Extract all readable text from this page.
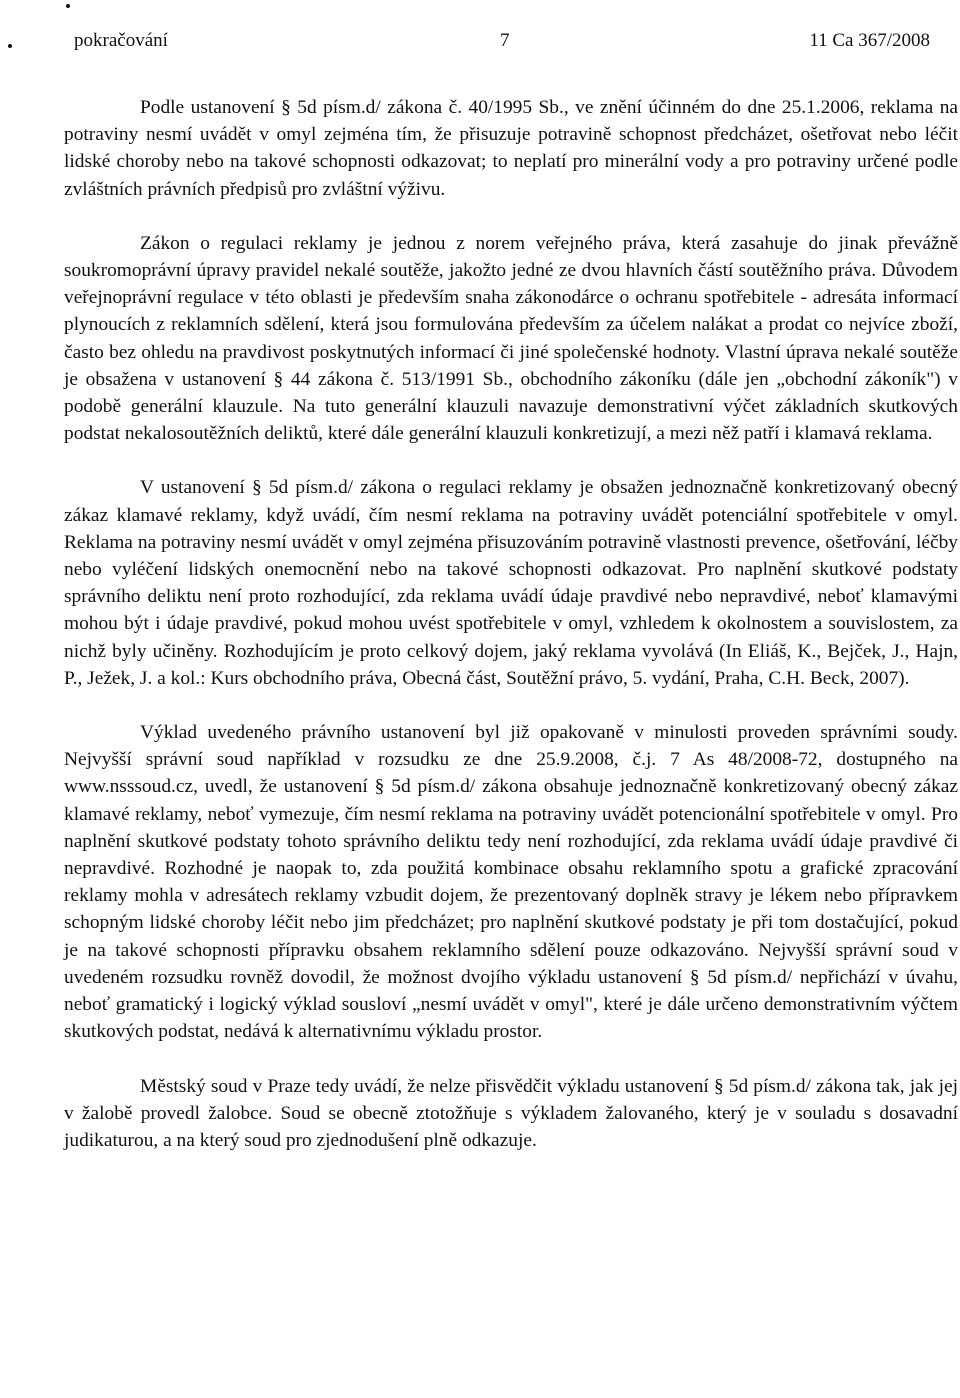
pokračování	7	11 Ca 367/2008

Podle ustanovení § 5d písm.d/ zákona č. 40/1995 Sb., ve znění účinném do dne 25.1.2006, reklama na potraviny nesmí uvádět v omyl zejména tím, že přisuzuje potravině schopnost předcházet, ošetřovat nebo léčit lidské choroby nebo na takové schopnosti odkazovat; to neplatí pro minerální vody a pro potraviny určené podle zvláštních právních předpisů pro zvláštní výživu.

Zákon o regulaci reklamy je jednou z norem veřejného práva, která zasahuje do jinak převážně soukromoprávní úpravy pravidel nekalé soutěže, jakožto jedné ze dvou hlavních částí soutěžního práva. Důvodem veřejnoprávní regulace v této oblasti je především snaha zákonodárce o ochranu spotřebitele - adresáta informací plynoucích z reklamních sdělení, která jsou formulována především za účelem nalákat a prodat co nejvíce zboží, často bez ohledu na pravdivost poskytnutých informací či jiné společenské hodnoty. Vlastní úprava nekalé soutěže je obsažena v ustanovení § 44 zákona č. 513/1991 Sb., obchodního zákoníku (dále jen „obchodní zákoník") v podobě generální klauzule. Na tuto generální klauzuli navazuje demonstrativní výčet základních skutkových podstat nekalosoutěžních deliktů, které dále generální klauzuli konkretizují, a mezi něž patří i klamavá reklama.

V ustanovení § 5d písm.d/ zákona o regulaci reklamy je obsažen jednoznačně konkretizovaný obecný zákaz klamavé reklamy, když uvádí, čím nesmí reklama na potraviny uvádět potenciální spotřebitele v omyl. Reklama na potraviny nesmí uvádět v omyl zejména přisuzováním potravině vlastnosti prevence, ošetřování, léčby nebo vyléčení lidských onemocnění nebo na takové schopnosti odkazovat. Pro naplnění skutkové podstaty správního deliktu není proto rozhodující, zda reklama uvádí údaje pravdivé nebo nepravdivé, neboť klamavými mohou být i údaje pravdivé, pokud mohou uvést spotřebitele v omyl, vzhledem k okolnostem a souvislostem, za nichž byly učiněny. Rozhodujícím je proto celkový dojem, jaký reklama vyvolává (In Eliáš, K., Bejček, J., Hajn, P., Ježek, J. a kol.: Kurs obchodního práva, Obecná část, Soutěžní právo, 5. vydání, Praha, C.H. Beck, 2007).

Výklad uvedeného právního ustanovení byl již opakovaně v minulosti proveden správními soudy. Nejvyšší správní soud například v rozsudku ze dne 25.9.2008, č.j. 7 As 48/2008-72, dostupného na www.nsssoud.cz, uvedl, že ustanovení § 5d písm.d/ zákona obsahuje jednoznačně konkretizovaný obecný zákaz klamavé reklamy, neboť vymezuje, čím nesmí reklama na potraviny uvádět potencionální spotřebitele v omyl. Pro naplnění skutkové podstaty tohoto správního deliktu tedy není rozhodující, zda reklama uvádí údaje pravdivé či nepravdivé. Rozhodné je naopak to, zda použitá kombinace obsahu reklamního spotu a grafické zpracování reklamy mohla v adresátech reklamy vzbudit dojem, že prezentovaný doplněk stravy je lékem nebo přípravkem schopným lidské choroby léčit nebo jim předcházet; pro naplnění skutkové podstaty je při tom dostačující, pokud je na takové schopnosti přípravku obsahem reklamního sdělení pouze odkazováno. Nejvyšší správní soud v uvedeném rozsudku rovněž dovodil, že možnost dvojího výkladu ustanovení § 5d písm.d/ nepřichází v úvahu, neboť gramatický i logický výklad sousloví „nesmí uvádět v omyl", které je dále určeno demonstrativním výčtem skutkových podstat, nedává k alternativnímu výkladu prostor.

Městský soud v Praze tedy uvádí, že nelze přisvědčit výkladu ustanovení § 5d písm.d/ zákona tak, jak jej v žalobě provedl žalobce. Soud se obecně ztotožňuje s výkladem žalovaného, který je v souladu s dosavadní judikaturou, a na který soud pro zjednodušení plně odkazuje.
